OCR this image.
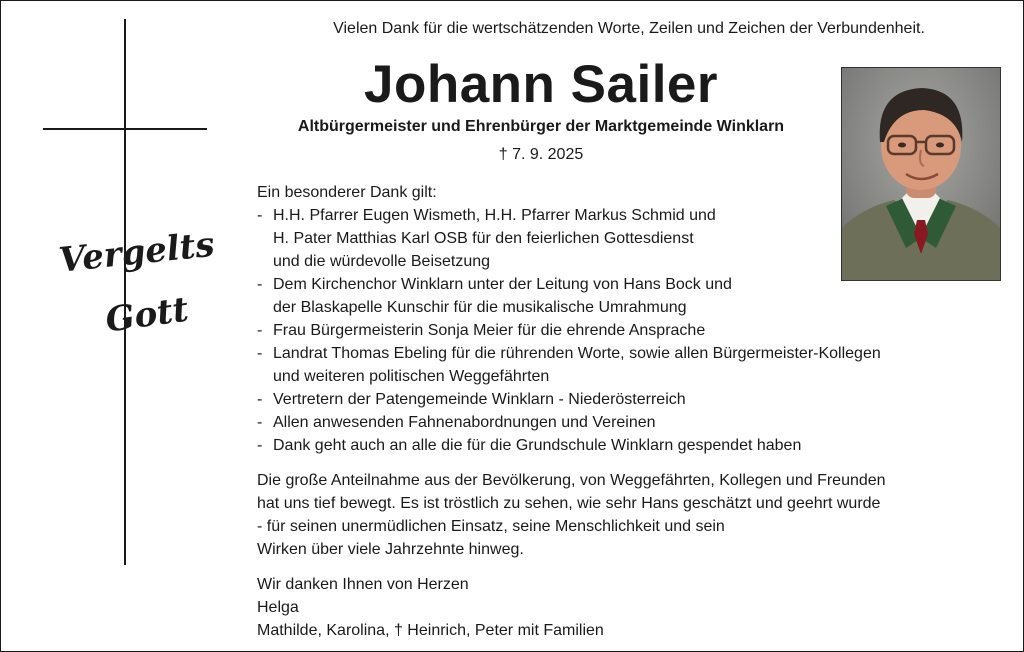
Vergelts
Gott
Vielen Dank für die wertschätzenden Worte, Zeilen und Zeichen der Verbundenheit.
Johann Sailer
Altbürgermeister und Ehrenbürger der Marktgemeinde Winklarn
† 7. 9. 2025

Ein besonderer Dank gilt:

- H.H. Pfarrer Eugen Wismeth, H.H. Pfarrer Markus Schmid und
H. Pater Matthias Karl OSB für den feierlichen Gottesdienst
und die würdevolle Beisetzung
- Dem Kirchenchor Winklarn unter der Leitung von Hans Bock und
der Blaskapelle Kunschir für die musikalische Umrahmung
- Frau Bürgermeisterin Sonja Meier für die ehrende Ansprache
- Landrat Thomas Ebeling für die rührenden Worte, sowie allen Bürgermeister-Kollegen
und weiteren politischen Weggefährten
- Vertretern der Patengemeinde Winklarn - Niederösterreich
- Allen anwesenden Fahnenabordnungen und Vereinen
- Dank geht auch an alle die für die Grundschule Winklarn gespendet haben

Die große Anteilnahme aus der Bevölkerung, von Weggefährten, Kollegen und Freunden
hat uns tief bewegt. Es ist tröstlich zu sehen, wie sehr Hans geschätzt und geehrt wurde
- für seinen unermüdlichen Einsatz, seine Menschlichkeit und sein
Wirken über viele Jahrzehnte hinweg.

Wir danken Ihnen von Herzen
Helga
Mathilde, Karolina, † Heinrich, Peter mit Familien
